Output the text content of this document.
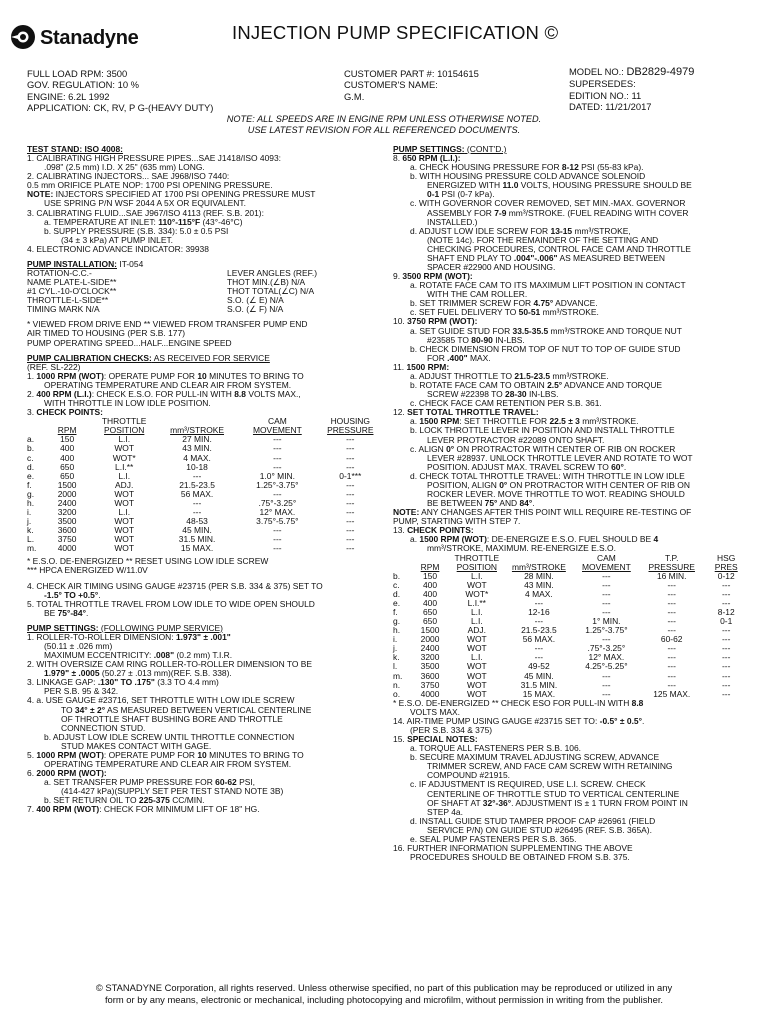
Stanadyne	INJECTION PUMP SPECIFICATION ©
FULL LOAD RPM: 3500
GOV. REGULATION: 10 %
ENGINE: 6.2L 1992
APPLICATION: CK, RV, P G-(HEAVY DUTY)
CUSTOMER PART #: 10154615
CUSTOMER'S NAME:
G.M.
MODEL NO.: DB2829-4979
SUPERSEDES:
EDITION NO.: 11
DATED: 11/21/2017
NOTE: ALL SPEEDS ARE IN ENGINE RPM UNLESS OTHERWISE NOTED.
USE LATEST REVISION FOR ALL REFERENCED DOCUMENTS.
TEST STAND: ISO 4008:
1. CALIBRATING HIGH PRESSURE PIPES...SAE J1418/ISO 4093:
.098" (2.5 mm) I.D. X 25" (635 mm) LONG.
2. CALIBRATING INJECTORS... SAE J968/ISO 7440:
0.5 mm ORIFICE PLATE NOP: 1700 PSI OPENING PRESSURE.
NOTE: INJECTORS SPECIFIED AT 1700 PSI OPENING PRESSURE MUST
USE SPRING P/N WSF 2044 A 5X OR EQUIVALENT.
3. CALIBRATING FLUID...SAE J967/ISO 4113 (REF. S.B. 201):
a. TEMPERATURE AT INLET: 110°-115°F (43°-46°C)
b. SUPPLY PRESSURE (S.B. 334): 5.0 ± 0.5 PSI
(34 ± 3 kPa) AT PUMP INLET.
4. ELECTRONIC ADVANCE INDICATOR: 39938
PUMP INSTALLATION: IT-054
ROTATION-C.C.-	LEVER ANGLES (REF.)
NAME PLATE-L-SIDE**	THOT MIN.(∠B) N/A
#1 CYL.-10-O'CLOCK**	THOT TOTAL(∠C) N/A
THROTTLE-L-SIDE**	S.O. (∠ E) N/A
TIMING MARK N/A	S.O. (∠ F) N/A
* VIEWED FROM DRIVE END ** VIEWED FROM TRANSFER PUMP END
AIR TIMED TO HOUSING (PER S.B. 177)
PUMP OPERATING SPEED...HALF...ENGINE SPEED
PUMP CALIBRATION CHECKS: AS RECEIVED FOR SERVICE
(REF. SL-222)
1. 1000 RPM (WOT): OPERATE PUMP FOR 10 MINUTES TO BRING TO
OPERATING TEMPERATURE AND CLEAR AIR FROM SYSTEM.
2. 400 RPM (L.I.): CHECK E.S.O. FOR PULL-IN WITH 8.8 VOLTS MAX.,
WITH THROTTLE IN LOW IDLE POSITION.
3. CHECK POINTS:
		THROTTLE		CAM	HOUSING
	RPM	POSITION	mm³/STROKE	MOVEMENT	PRESSURE
a.	150	L.I.	27 MIN.	---	---
b.	400	WOT	43 MIN.	---	---
c.	400	WOT*	4 MAX.	---	---
d.	650	L.I.**	10-18	---	---
e.	650	L.I.	---	1.0° MIN.	0-1***
f.	1500	ADJ.	21.5-23.5	1.25°-3.75°	---
g.	2000	WOT	56 MAX.	---	---
h.	2400	WOT	---	.75°-3.25°	---
i.	3200	L.I.	---	12° MAX.	---
j.	3500	WOT	48-53	3.75°-5.75°	---
k.	3600	WOT	45 MIN.	---	---
L.	3750	WOT	31.5 MIN.	---	---
m.	4000	WOT	15 MAX.	---	---
* E.S.O. DE-ENERGIZED ** RESET USING LOW IDLE SCREW
*** HPCA ENERGIZED W/11.0V
4. CHECK AIR TIMING USING GAUGE #23715 (PER S.B. 334 & 375) SET TO
-1.5° TO +0.5°.
5. TOTAL THROTTLE TRAVEL FROM LOW IDLE TO WIDE OPEN SHOULD
BE 75°-84°.
PUMP SETTINGS: (FOLLOWING PUMP SERVICE)
1. ROLLER-TO-ROLLER DIMENSION: 1.973" ± .001"
(50.11 ± .026 mm)
MAXIMUM ECCENTRICITY: .008" (0.2 mm) T.I.R.
2. WITH OVERSIZE CAM RING ROLLER-TO-ROLLER DIMENSION TO BE
1.979" ± .0005 (50.27 ± .013 mm)(REF. S.B. 338).
3. LINKAGE GAP: .130" TO .175" (3.3 TO 4.4 mm)
PER S.B. 95 & 342.
4. a. USE GAUGE #23716, SET THROTTLE WITH LOW IDLE SCREW
TO 34° ± 2° AS MEASURED BETWEEN VERTICAL CENTERLINE
OF THROTTLE SHAFT BUSHING BORE AND THROTTLE
CONNECTION STUD.
b. ADJUST LOW IDLE SCREW UNTIL THROTTLE CONNECTION
STUD MAKES CONTACT WITH GAGE.
5. 1000 RPM (WOT): OPERATE PUMP FOR 10 MINUTES TO BRING TO
OPERATING TEMPERATURE AND CLEAR AIR FROM SYSTEM.
6. 2000 RPM (WOT):
a. SET TRANSFER PUMP PRESSURE FOR 60-62 PSI,
(414-427 kPa)(SUPPLY SET PER TEST STAND NOTE 3B)
b. SET RETURN OIL TO 225-375 CC/MIN.
7. 400 RPM (WOT): CHECK FOR MINIMUM LIFT OF 18" HG.
PUMP SETTINGS: (CONT'D.)
8. 650 RPM (L.I.):
a. CHECK HOUSING PRESSURE FOR 8-12 PSI (55-83 kPa).
b. WITH HOUSING PRESSURE COLD ADVANCE SOLENOID
ENERGIZED WITH 11.0 VOLTS, HOUSING PRESSURE SHOULD BE
0-1 PSI (0-7 kPa).
c. WITH GOVERNOR COVER REMOVED, SET MIN.-MAX. GOVERNOR
ASSEMBLY FOR 7-9 mm³/STROKE. (FUEL READING WITH COVER
INSTALLED.)
d. ADJUST LOW IDLE SCREW FOR 13-15 mm³/STROKE,
(NOTE 14c). FOR THE REMAINDER OF THE SETTING AND
CHECKING PROCEDURES, CONTROL FACE CAM AND THROTTLE
SHAFT END PLAY TO .004"-.006" AS MEASURED BETWEEN
SPACER #22900 AND HOUSING.
9. 3500 RPM (WOT):
a. ROTATE FACE CAM TO ITS MAXIMUM LIFT POSITION IN CONTACT
WITH THE CAM ROLLER.
b. SET TRIMMER SCREW FOR 4.75° ADVANCE.
c. SET FUEL DELIVERY TO 50-51 mm³/STROKE.
10. 3750 RPM (WOT):
a. SET GUIDE STUD FOR 33.5-35.5 mm³/STROKE AND TORQUE NUT
#23585 TO 80-90 IN-LBS.
b. CHECK DIMENSION FROM TOP OF NUT TO TOP OF GUIDE STUD
FOR .400" MAX.
11. 1500 RPM:
a. ADJUST THROTTLE TO 21.5-23.5 mm³/STROKE.
b. ROTATE FACE CAM TO OBTAIN 2.5° ADVANCE AND TORQUE
SCREW #22398 TO 28-30 IN-LBS.
c. CHECK FACE CAM RETENTION PER S.B. 361.
12. SET TOTAL THROTTLE TRAVEL:
a. 1500 RPM: SET THROTTLE FOR 22.5 ± 3 mm³/STROKE.
b. LOCK THROTTLE LEVER IN POSITION AND INSTALL THROTTLE
LEVER PROTRACTOR #22089 ONTO SHAFT.
c. ALIGN 0° ON PROTRACTOR WITH CENTER OF RIB ON ROCKER
LEVER #28937. UNLOCK THROTTLE LEVER AND ROTATE TO WOT
POSITION. ADJUST MAX. TRAVEL SCREW TO 60°.
d. CHECK TOTAL THROTTLE TRAVEL: WITH THROTTLE IN LOW IDLE
POSITION, ALIGN 0° ON PROTRACTOR WITH CENTER OF RIB ON
ROCKER LEVER. MOVE THROTTLE TO WOT. READING SHOULD
BE BETWEEN 75° AND 84°.
NOTE: ANY CHANGES AFTER THIS POINT WILL REQUIRE RE-TESTING OF
PUMP, STARTING WITH STEP 7.
13. CHECK POINTS:
a. 1500 RPM (WOT): DE-ENERGIZE E.S.O. FUEL SHOULD BE 4
mm³/STROKE, MAXIMUM. RE-ENERGIZE E.S.O.
		THROTTLE		CAM	T.P.	HSG
	RPM	POSITION	mm³/STROKE	MOVEMENT	PRESSURE	PRES
b.	150	L.I.	28 MIN.	---	16 MIN.	0-12
c.	400	WOT	43 MIN.	---	---	---
d.	400	WOT*	4 MAX.	---	---	---
e.	400	L.I.**	---	---	---	---
f.	650	L.I.	12-16	---	---	8-12
g.	650	L.I.	---	1° MIN.	---	0-1
h.	1500	ADJ.	21.5-23.5	1.25°-3.75°	---	---
i.	2000	WOT	56 MAX.	---	60-62	---
j.	2400	WOT	---	.75°-3.25°	---	---
k.	3200	L.I.	---	12° MAX.	---	---
l.	3500	WOT	49-52	4.25°-5.25°	---	---
m.	3600	WOT	45 MIN.	---	---	---
n.	3750	WOT	31.5 MIN.	---	---	---
o.	4000	WOT	15 MAX.	---	125 MAX.	---
* E.S.O. DE-ENERGIZED ** CHECK ESO FOR PULL-IN WITH 8.8
VOLTS MAX.
14. AIR-TIME PUMP USING GAUGE #23715 SET TO: -0.5° ± 0.5°.
(PER S.B. 334 & 375)
15. SPECIAL NOTES:
a. TORQUE ALL FASTENERS PER S.B. 106.
b. SECURE MAXIMUM TRAVEL ADJUSTING SCREW, ADVANCE
TRIMMER SCREW, AND FACE CAM SCREW WITH RETAINING
COMPOUND #21915.
c. IF ADJUSTMENT IS REQUIRED, USE L.I. SCREW. CHECK
CENTERLINE OF THROTTLE STUD TO VERTICAL CENTERLINE
OF SHAFT AT 32°-36°. ADJUSTMENT IS ± 1 TURN FROM POINT IN
STEP 4a.
d. INSTALL GUIDE STUD TAMPER PROOF CAP #26961 (FIELD
SERVICE P/N) ON GUIDE STUD #26495 (REF. S.B. 365A).
e. SEAL PUMP FASTENERS PER S.B. 365.
16. FURTHER INFORMATION SUPPLEMENTING THE ABOVE
PROCEDURES SHOULD BE OBTAINED FROM S.B. 375.
© STANADYNE Corporation, all rights reserved. Unless otherwise specified, no part of this publication may be reproduced or utilized in any
form or by any means, electronic or mechanical, including photocopying and microfilm, without permission in writing from the publisher.
